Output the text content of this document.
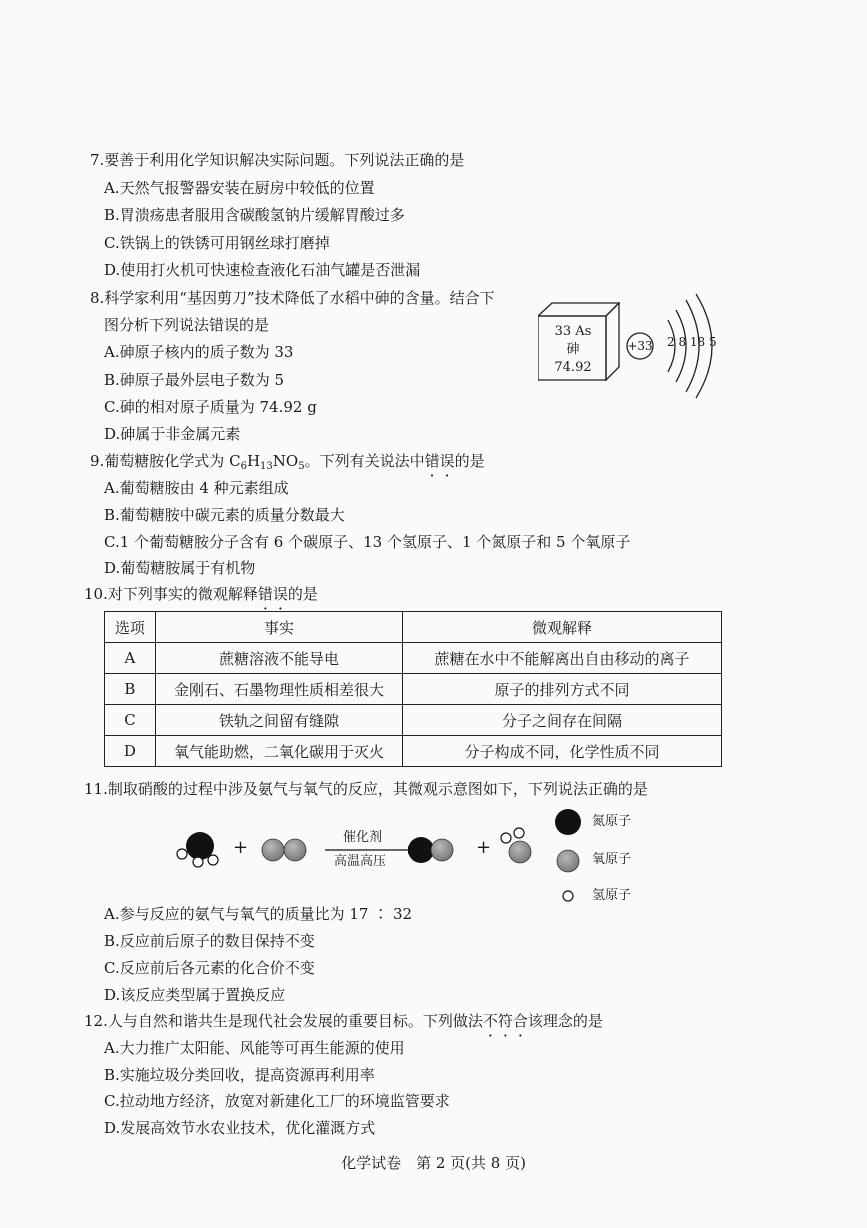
7.要善于利用化学知识解决实际问题。下列说法正确的是
A.天然气报警器安装在厨房中较低的位置
B.胃溃疡患者服用含碳酸氢钠片缓解胃酸过多
C.铁锅上的铁锈可用钢丝球打磨掉
D.使用打火机可快速检查液化石油气罐是否泄漏
8.科学家利用“基因剪刀”技术降低了水稻中砷的含量。结合下
图分析下列说法错误的是
A.砷原子核内的质子数为 33
B.砷原子最外层电子数为 5
C.砷的相对原子质量为 74.92 g
D.砷属于非金属元素
33 As
砷
74.92
+33 2 8 18 5
9.葡萄糖胺化学式为 $C_6H_{13}NO_5$。下列有关说法中错误的是
A.葡萄糖胺由 4 种元素组成
B.葡萄糖胺中碳元素的质量分数最大
C.1 个葡萄糖胺分子含有 6 个碳原子、13 个氢原子、1 个氮原子和 5 个氧原子
D.葡萄糖胺属于有机物
10.对下列事实的微观解释错误的是
选项	事实	微观解释
A	蔗糖溶液不能导电	蔗糖在水中不能解离出自由移动的离子
B	金刚石、石墨物理性质相差很大	原子的排列方式不同
C	铁轨之间留有缝隙	分子之间存在间隔
D	氧气能助燃，二氧化碳用于灭火	分子构成不同，化学性质不同
11.制取硝酸的过程中涉及氨气与氧气的反应，其微观示意图如下，下列说法正确的是
+	+
催化剂
高温高压
氮原子
氧原子
氢原子
A.参与反应的氨气与氧气的质量比为 17 ∶ 32
B.反应前后原子的数目保持不变
C.反应前后各元素的化合价不变
D.该反应类型属于置换反应
12.人与自然和谐共生是现代社会发展的重要目标。下列做法不符合该理念的是
A.大力推广太阳能、风能等可再生能源的使用
B.实施垃圾分类回收，提高资源再利用率
C.拉动地方经济，放宽对新建化工厂的环境监管要求
D.发展高效节水农业技术，优化灌溉方式
化学试卷　第 2 页(共 8 页)
